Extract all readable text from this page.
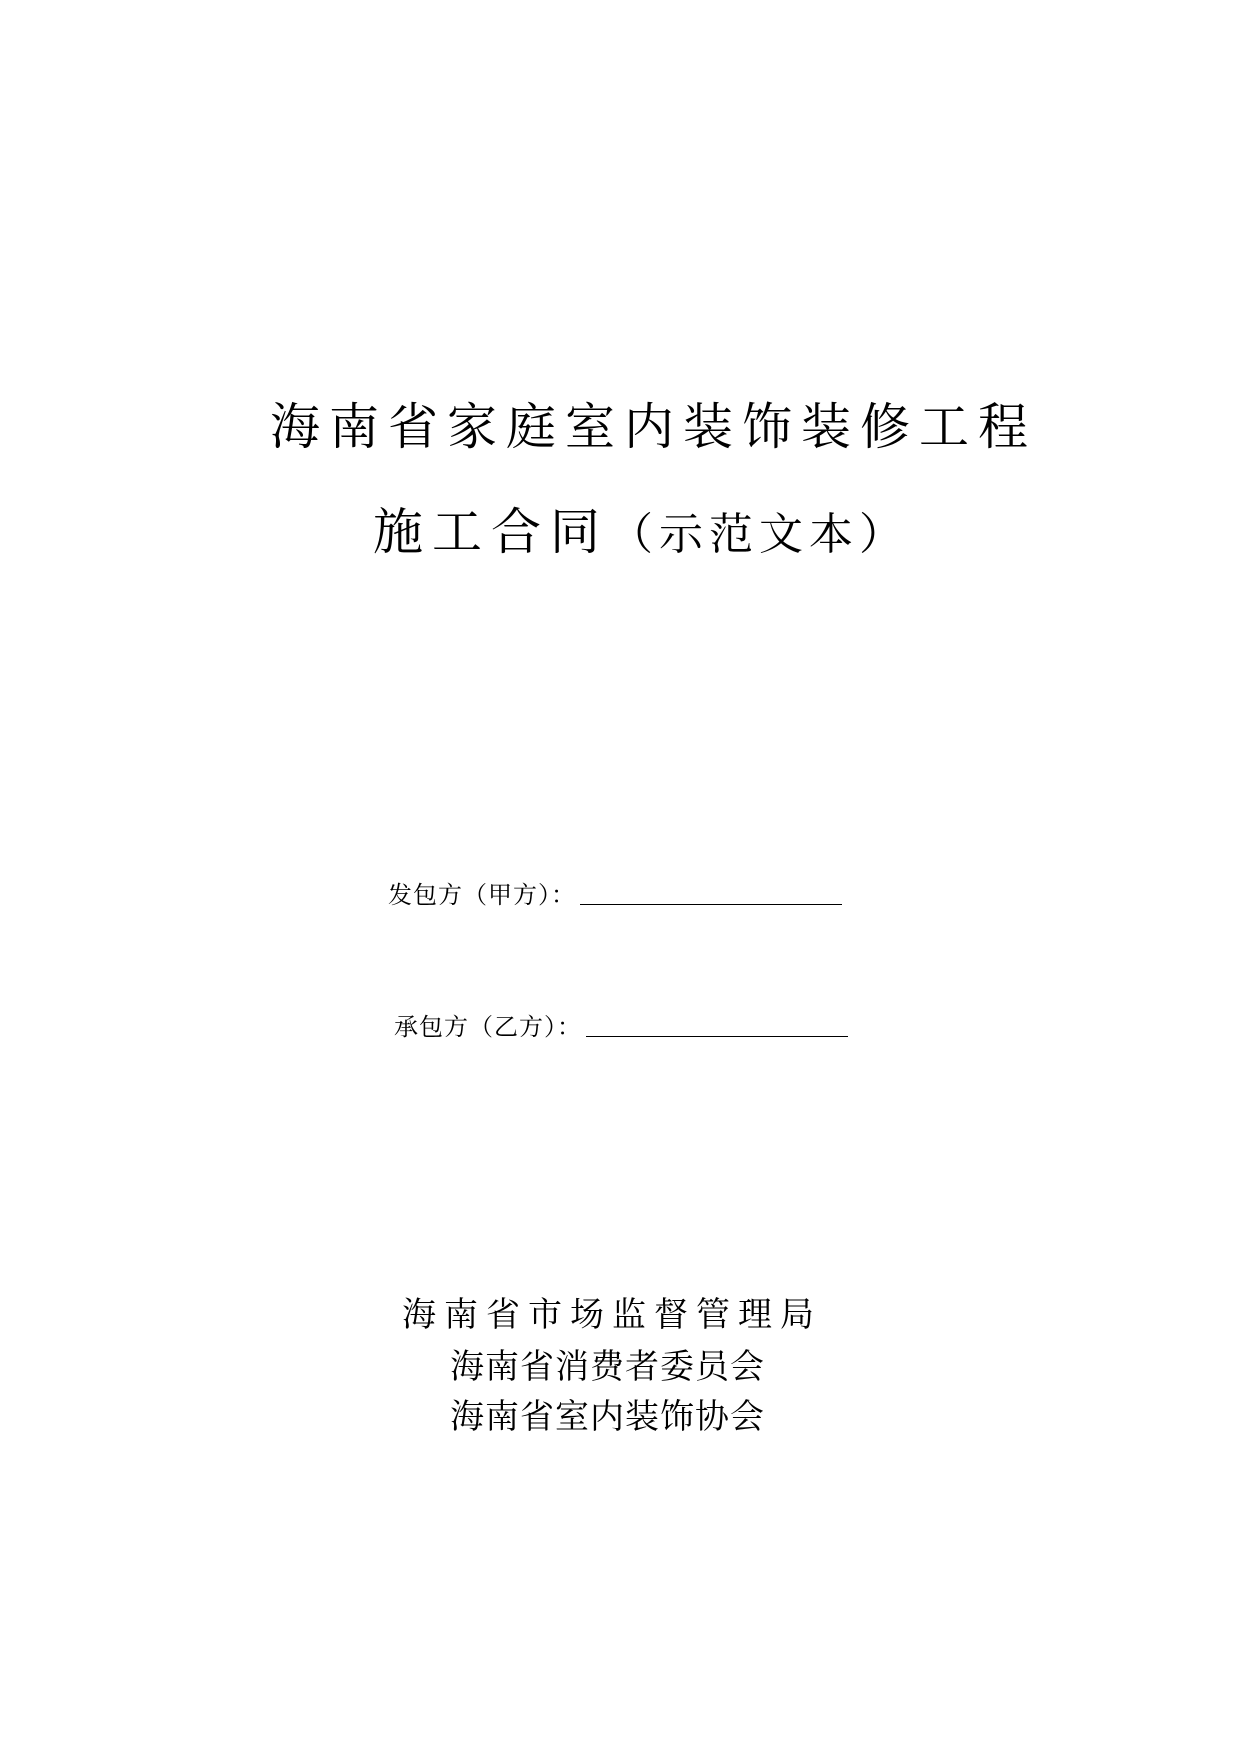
海南省家庭室内装饰装修工程
施工合同（示范文本）
发包方（甲方）：
承包方（乙方）：
海南省市场监督管理局
海南省消费者委员会
海南省室内装饰协会
